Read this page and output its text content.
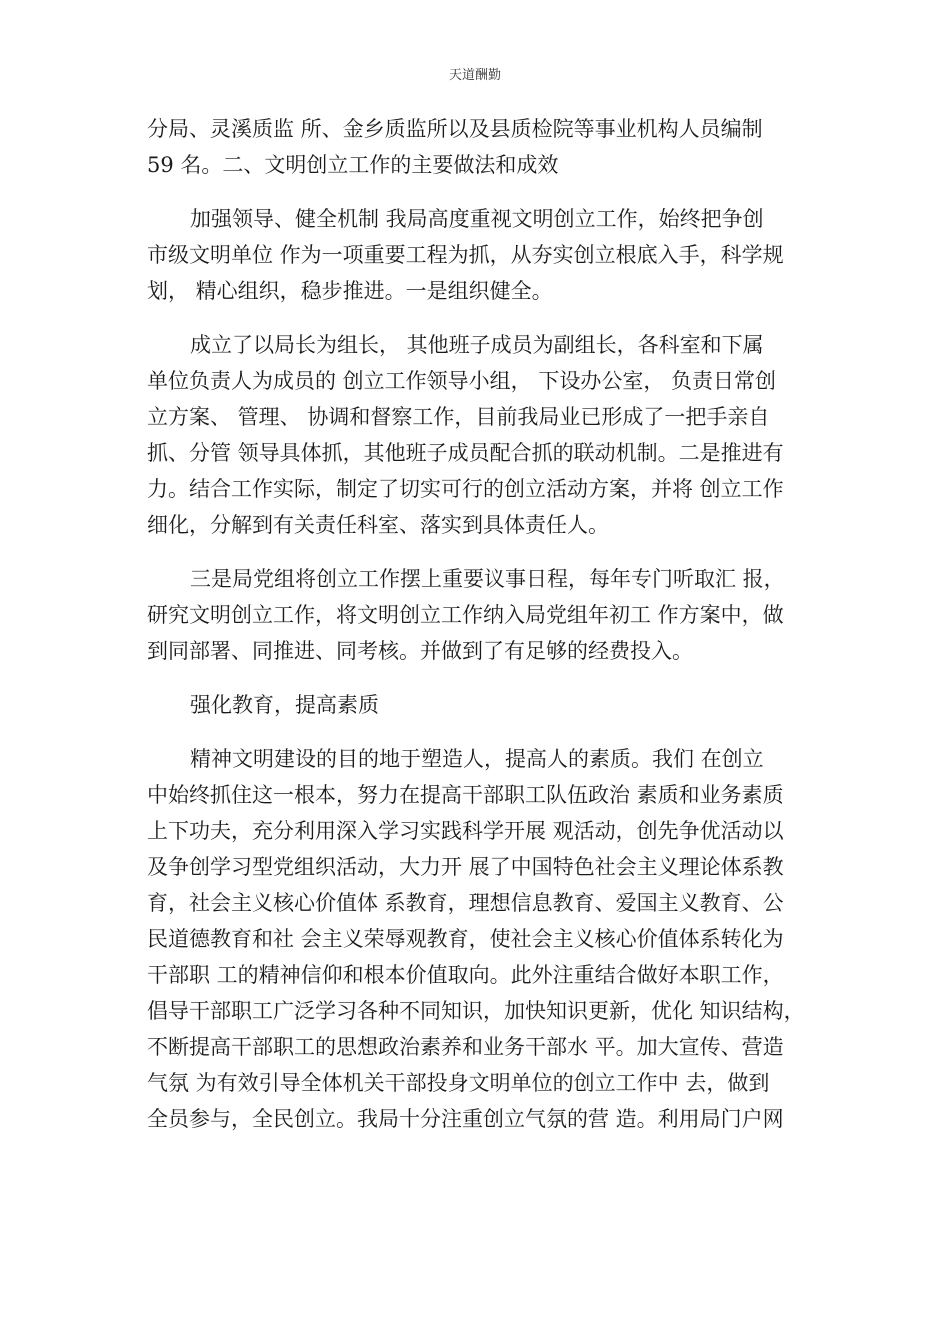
天道酬勤

分局、灵溪质监 所、金乡质监所以及县质检院等事业机构人员编制
59 名。二、文明创立工作的主要做法和成效

加强领导、健全机制 我局高度重视文明创立工作，始终把争创
市级文明单位 作为一项重要工程为抓，从夯实创立根底入手，科学规
划， 精心组织，稳步推进。一是组织健全。

成立了以局长为组长， 其他班子成员为副组长，各科室和下属
单位负责人为成员的 创立工作领导小组， 下设办公室， 负责日常创
立方案、 管理、 协调和督察工作，目前我局业已形成了一把手亲自
抓、分管 领导具体抓，其他班子成员配合抓的联动机制。二是推进有
力。结合工作实际，制定了切实可行的创立活动方案，并将 创立工作
细化，分解到有关责任科室、落实到具体责任人。

三是局党组将创立工作摆上重要议事日程，每年专门听取汇 报，
研究文明创立工作，将文明创立工作纳入局党组年初工 作方案中，做
到同部署、同推进、同考核。并做到了有足够的经费投入。

强化教育，提高素质

精神文明建设的目的地于塑造人，提高人的素质。我们 在创立
中始终抓住这一根本，努力在提高干部职工队伍政治 素质和业务素质
上下功夫，充分利用深入学习实践科学开展 观活动，创先争优活动以
及争创学习型党组织活动，大力开 展了中国特色社会主义理论体系教
育，社会主义核心价值体 系教育，理想信息教育、爱国主义教育、公
民道德教育和社 会主义荣辱观教育，使社会主义核心价值体系转化为
干部职 工的精神信仰和根本价值取向。此外注重结合做好本职工作，
倡导干部职工广泛学习各种不同知识，加快知识更新，优化 知识结构，
不断提高干部职工的思想政治素养和业务干部水 平。加大宣传、营造
气氛 为有效引导全体机关干部投身文明单位的创立工作中 去，做到
全员参与，全民创立。我局十分注重创立气氛的营 造。利用局门户网
